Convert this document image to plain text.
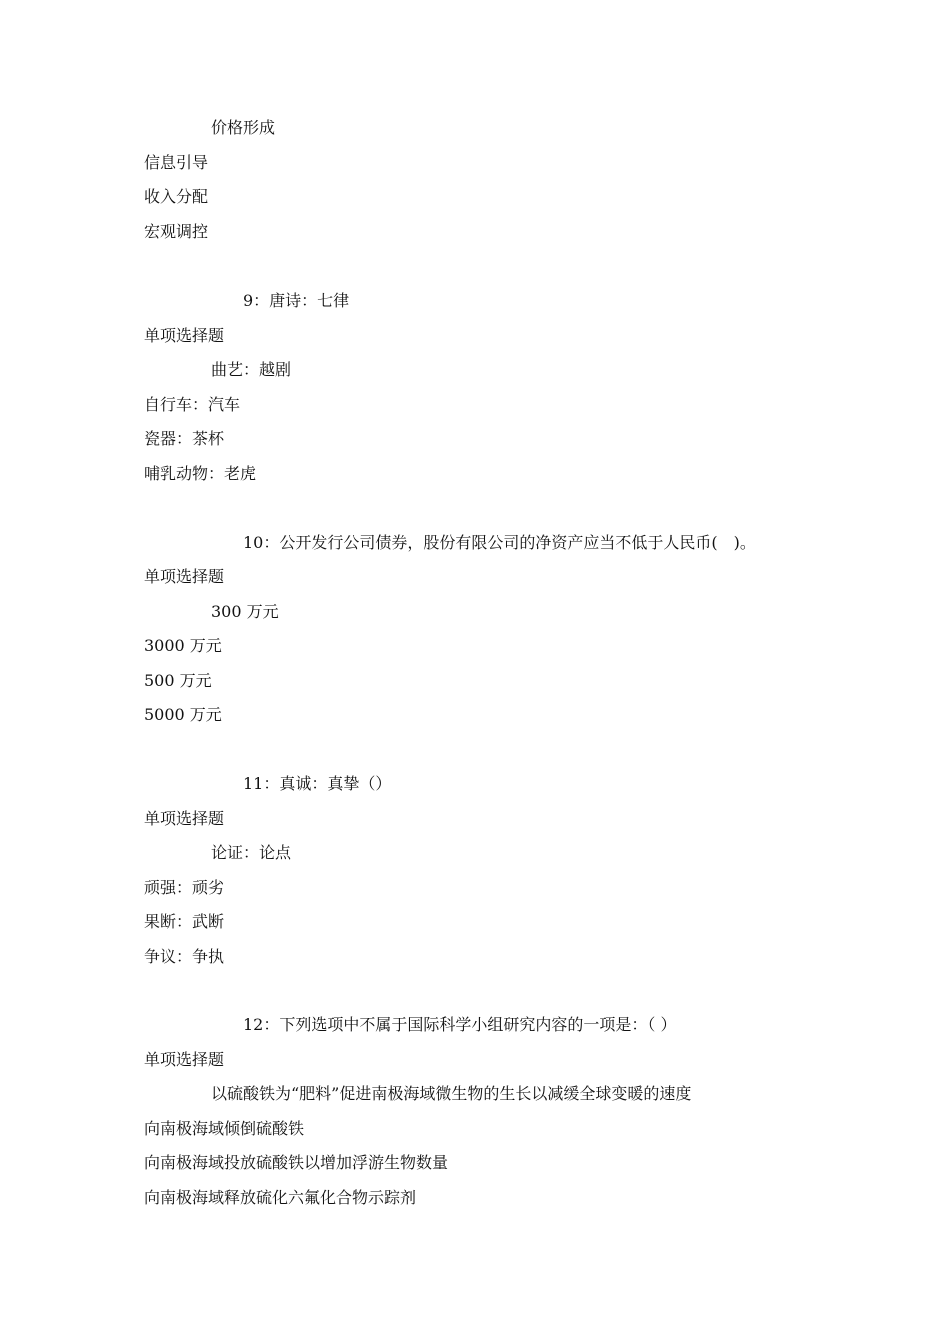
价格形成
信息引导
收入分配
宏观调控
9：唐诗：七律
单项选择题
曲艺：越剧
自行车：汽车
瓷器：茶杯
哺乳动物：老虎
10：公开发行公司债券，股份有限公司的净资产应当不低于人民币(　)。
单项选择题
300 万元
3000 万元
500 万元
5000 万元
11：真诚：真挚（）
单项选择题
论证：论点
顽强：顽劣
果断：武断
争议：争执
12：下列选项中不属于国际科学小组研究内容的一项是：（ ）
单项选择题
以硫酸铁为“肥料”促进南极海域微生物的生长以减缓全球变暖的速度
向南极海域倾倒硫酸铁
向南极海域投放硫酸铁以增加浮游生物数量
向南极海域释放硫化六氟化合物示踪剂
